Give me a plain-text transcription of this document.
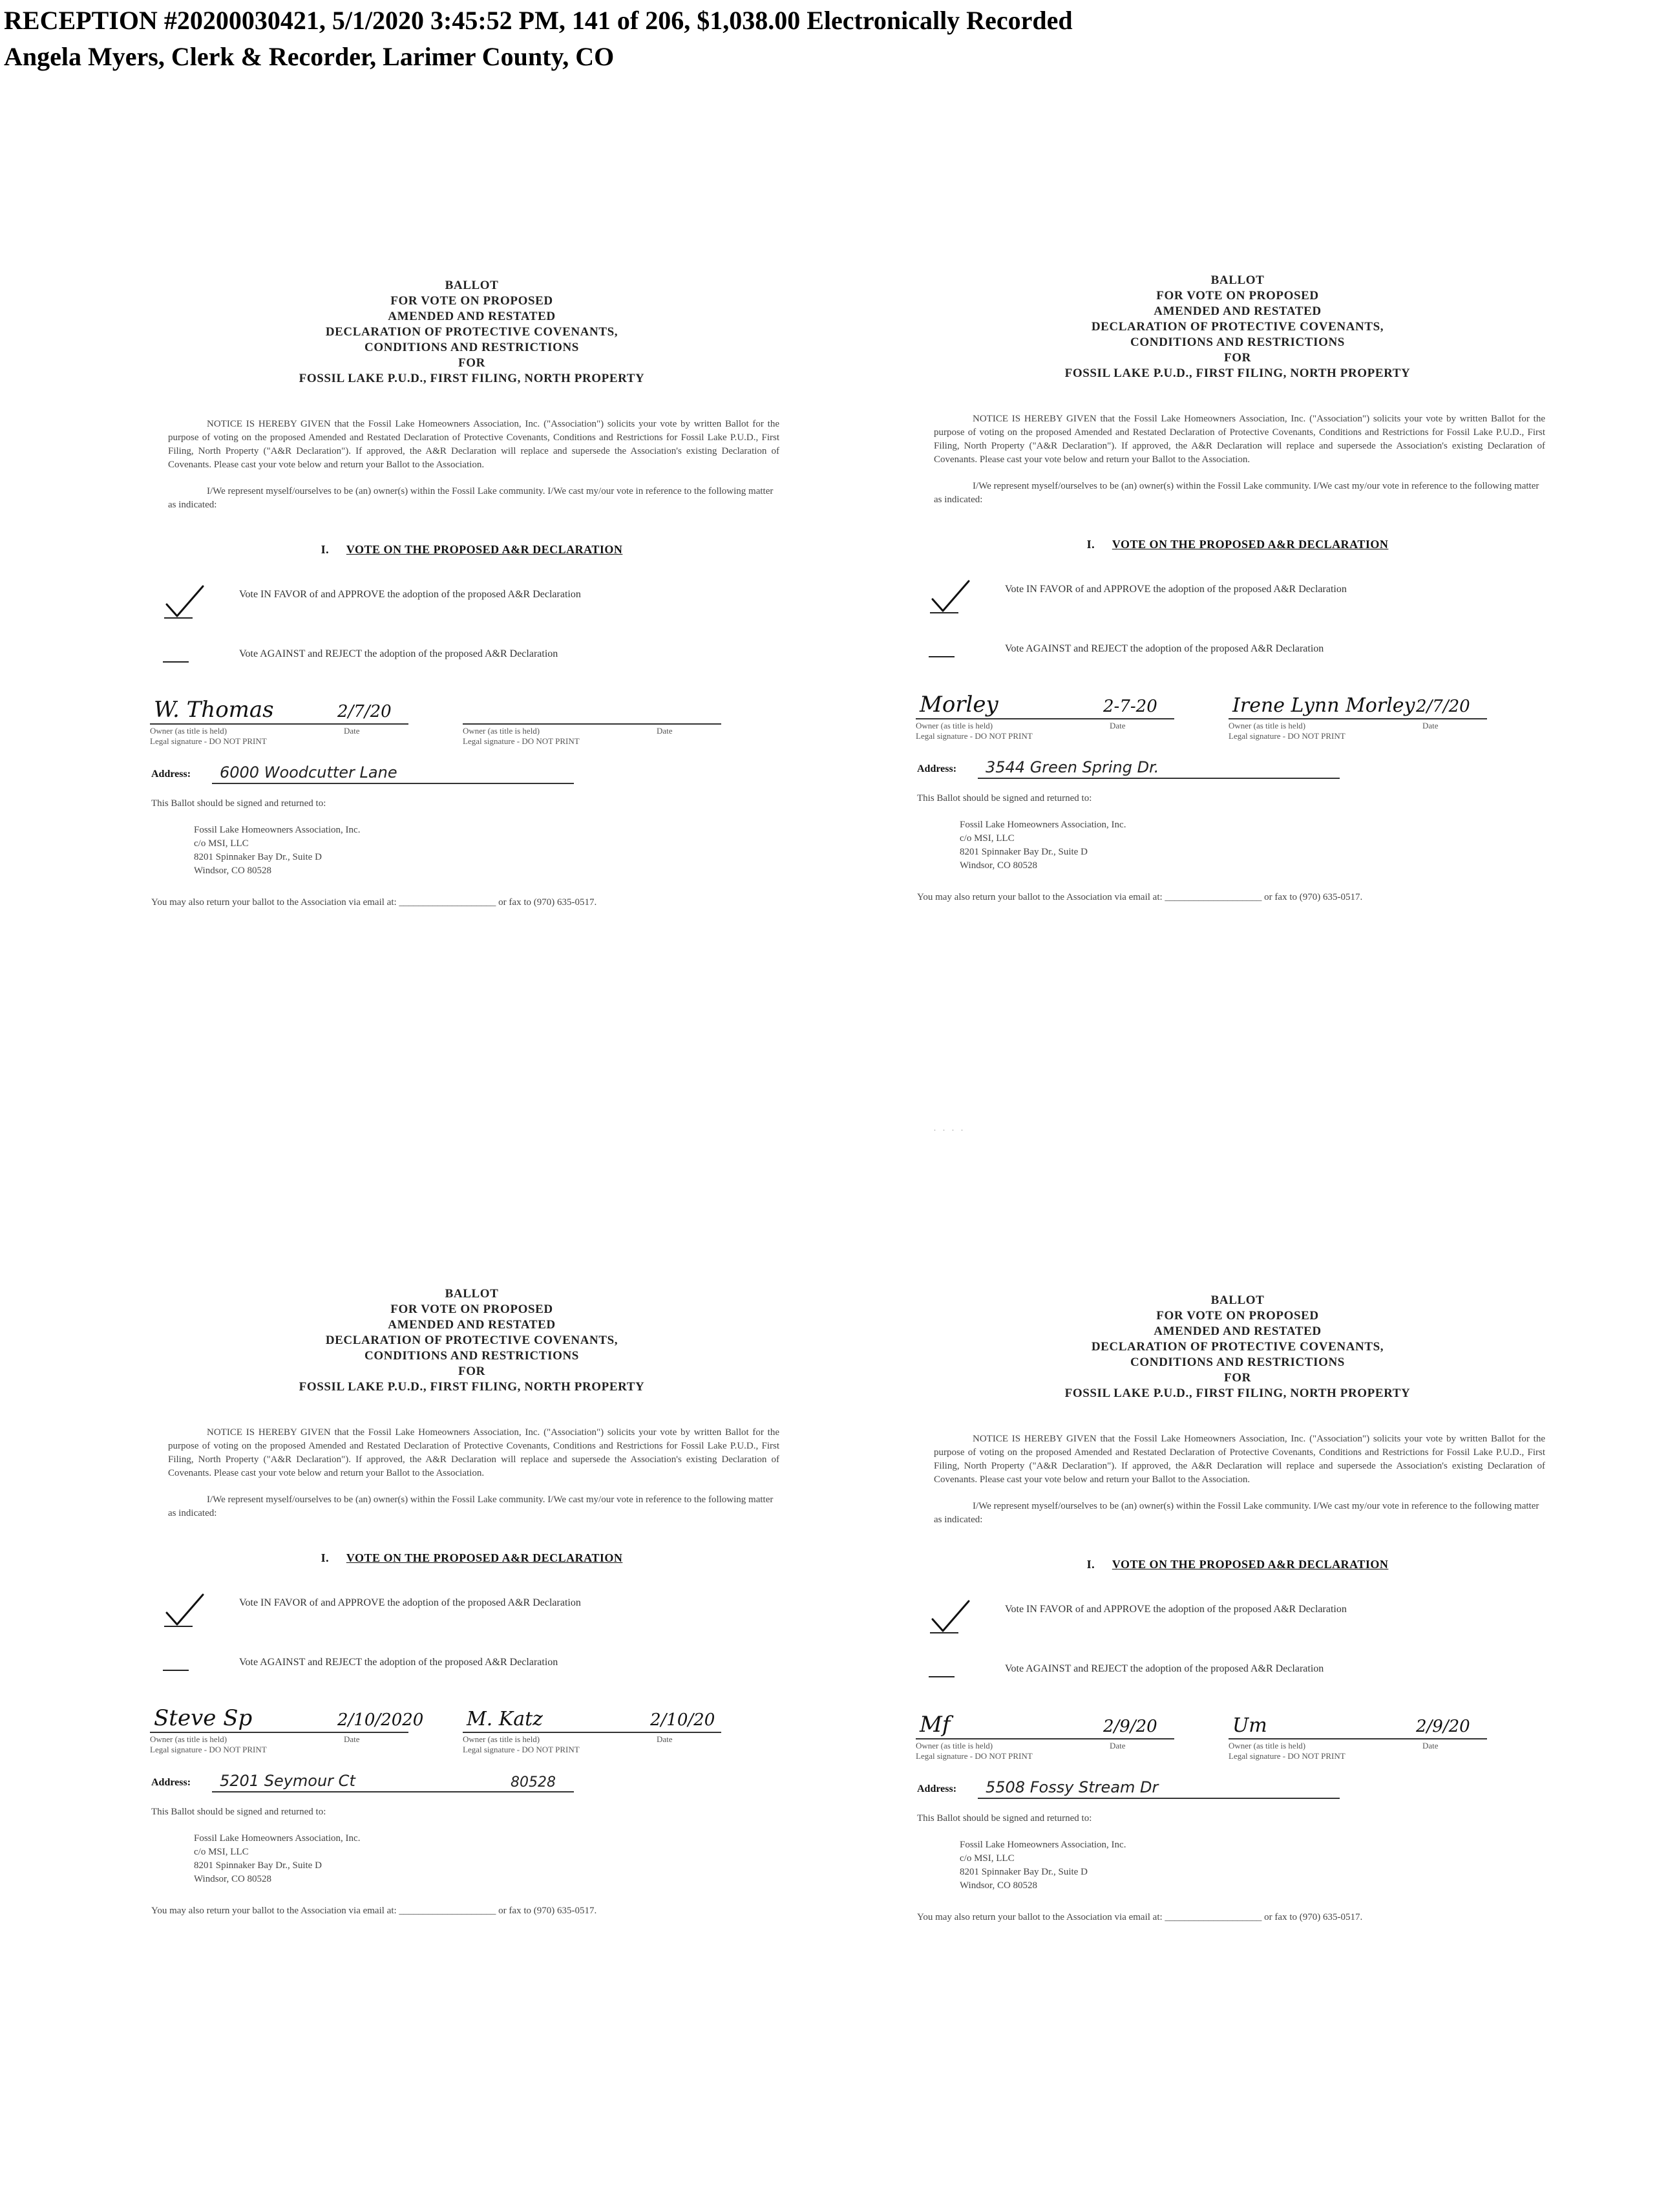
RECEPTION #20200030421, 5/1/2020 3:45:52 PM, 141 of 206, $1,038.00 Electronically Recorded
Angela Myers, Clerk & Recorder, Larimer County, CO
BALLOT
FOR VOTE ON PROPOSED
AMENDED AND RESTATED
DECLARATION OF PROTECTIVE COVENANTS,
CONDITIONS AND RESTRICTIONS
FOR
FOSSIL LAKE P.U.D., FIRST FILING, NORTH PROPERTY
NOTICE IS HEREBY GIVEN that the Fossil Lake Homeowners Association, Inc. ("Association") solicits your vote by written Ballot for the purpose of voting on the proposed Amended and Restated Declaration of Protective Covenants, Conditions and Restrictions for Fossil Lake P.U.D., First Filing, North Property ("A&R Declaration"). If approved, the A&R Declaration will replace and supersede the Association's existing Declaration of Covenants. Please cast your vote below and return your Ballot to the Association.
I/We represent myself/ourselves to be (an) owner(s) within the Fossil Lake community. I/We cast my/our vote in reference to the following matter as indicated:
I. VOTE ON THE PROPOSED A&R DECLARATION
Vote IN FAVOR of and APPROVE the adoption of the proposed A&R Declaration
Vote AGAINST and REJECT the adoption of the proposed A&R Declaration
W. Thomas	2/7/20
Owner (as title is held)	Date
Legal signature - DO NOT PRINT
Owner (as title is held)	Date
Legal signature - DO NOT PRINT
Address: 6000 Woodcutter Lane
This Ballot should be signed and returned to:
Fossil Lake Homeowners Association, Inc.
c/o MSI, LLC
8201 Spinnaker Bay Dr., Suite D
Windsor, CO 80528
You may also return your ballot to the Association via email at: ____________________ or fax to (970) 635-0517.
BALLOT
FOR VOTE ON PROPOSED
AMENDED AND RESTATED
DECLARATION OF PROTECTIVE COVENANTS,
CONDITIONS AND RESTRICTIONS
FOR
FOSSIL LAKE P.U.D., FIRST FILING, NORTH PROPERTY
NOTICE IS HEREBY GIVEN that the Fossil Lake Homeowners Association, Inc. ("Association") solicits your vote by written Ballot for the purpose of voting on the proposed Amended and Restated Declaration of Protective Covenants, Conditions and Restrictions for Fossil Lake P.U.D., First Filing, North Property ("A&R Declaration"). If approved, the A&R Declaration will replace and supersede the Association's existing Declaration of Covenants. Please cast your vote below and return your Ballot to the Association.
I/We represent myself/ourselves to be (an) owner(s) within the Fossil Lake community. I/We cast my/our vote in reference to the following matter as indicated:
I. VOTE ON THE PROPOSED A&R DECLARATION
Vote IN FAVOR of and APPROVE the adoption of the proposed A&R Declaration
Vote AGAINST and REJECT the adoption of the proposed A&R Declaration
Morley	2-7-20
Owner (as title is held)	Date
Legal signature - DO NOT PRINT
Irene Lynn Morley 2/7/20
Owner (as title is held)	Date
Legal signature - DO NOT PRINT
Address: 3544 Green Spring Dr.
This Ballot should be signed and returned to:
Fossil Lake Homeowners Association, Inc.
c/o MSI, LLC
8201 Spinnaker Bay Dr., Suite D
Windsor, CO 80528
You may also return your ballot to the Association via email at: ____________________ or fax to (970) 635-0517.
BALLOT
FOR VOTE ON PROPOSED
AMENDED AND RESTATED
DECLARATION OF PROTECTIVE COVENANTS,
CONDITIONS AND RESTRICTIONS
FOR
FOSSIL LAKE P.U.D., FIRST FILING, NORTH PROPERTY
NOTICE IS HEREBY GIVEN that the Fossil Lake Homeowners Association, Inc. ("Association") solicits your vote by written Ballot for the purpose of voting on the proposed Amended and Restated Declaration of Protective Covenants, Conditions and Restrictions for Fossil Lake P.U.D., First Filing, North Property ("A&R Declaration"). If approved, the A&R Declaration will replace and supersede the Association's existing Declaration of Covenants. Please cast your vote below and return your Ballot to the Association.
I/We represent myself/ourselves to be (an) owner(s) within the Fossil Lake community. I/We cast my/our vote in reference to the following matter as indicated:
I. VOTE ON THE PROPOSED A&R DECLARATION
Vote IN FAVOR of and APPROVE the adoption of the proposed A&R Declaration
Vote AGAINST and REJECT the adoption of the proposed A&R Declaration
Steve Sp	2/10/2020
Owner (as title is held)	Date
Legal signature - DO NOT PRINT
M. Katz	2/10/20
Owner (as title is held)	Date
Legal signature - DO NOT PRINT
Address: 5201 Seymour Ct	80528
This Ballot should be signed and returned to:
Fossil Lake Homeowners Association, Inc.
c/o MSI, LLC
8201 Spinnaker Bay Dr., Suite D
Windsor, CO 80528
You may also return your ballot to the Association via email at: ____________________ or fax to (970) 635-0517.
BALLOT
FOR VOTE ON PROPOSED
AMENDED AND RESTATED
DECLARATION OF PROTECTIVE COVENANTS,
CONDITIONS AND RESTRICTIONS
FOR
FOSSIL LAKE P.U.D., FIRST FILING, NORTH PROPERTY
NOTICE IS HEREBY GIVEN that the Fossil Lake Homeowners Association, Inc. ("Association") solicits your vote by written Ballot for the purpose of voting on the proposed Amended and Restated Declaration of Protective Covenants, Conditions and Restrictions for Fossil Lake P.U.D., First Filing, North Property ("A&R Declaration"). If approved, the A&R Declaration will replace and supersede the Association's existing Declaration of Covenants. Please cast your vote below and return your Ballot to the Association.
I/We represent myself/ourselves to be (an) owner(s) within the Fossil Lake community. I/We cast my/our vote in reference to the following matter as indicated:
I. VOTE ON THE PROPOSED A&R DECLARATION
Vote IN FAVOR of and APPROVE the adoption of the proposed A&R Declaration
Vote AGAINST and REJECT the adoption of the proposed A&R Declaration
Mf	2/9/20
Owner (as title is held)	Date
Legal signature - DO NOT PRINT
Um	2/9/20
Owner (as title is held)	Date
Legal signature - DO NOT PRINT
Address: 5508 Fossy Stream Dr
This Ballot should be signed and returned to:
Fossil Lake Homeowners Association, Inc.
c/o MSI, LLC
8201 Spinnaker Bay Dr., Suite D
Windsor, CO 80528
You may also return your ballot to the Association via email at: ____________________ or fax to (970) 635-0517.
. . . .
